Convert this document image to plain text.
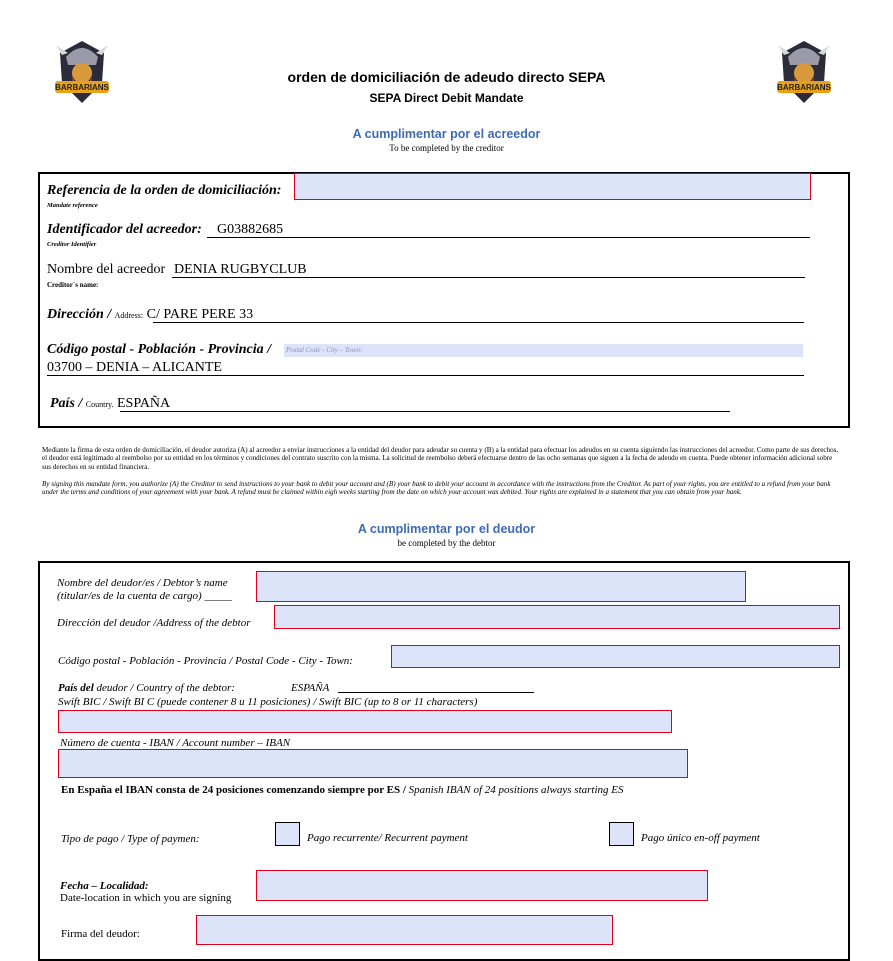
BARBARIANS	BARBARIANS
orden de domiciliación de adeudo directo SEPA
SEPA Direct Debit Mandate
A cumplimentar por el acreedor
To be completed by the creditor
Referencia de la orden de domiciliación:
Mandate reference
Identificador del acreedor: G03882685
Creditor Identifier
Nombre del acreedor DENIA RUGBYCLUB
Creditor´s name:
Dirección / Address: C/ PARE PERE 33
Código postal - Población - Provincia / Postal Code - City – Town:
03700 – DENIA – ALICANTE
País / Country. ESPAÑA
Mediante la firma de esta orden de domiciliación, el deudor autoriza (A) al acreedor a enviar instrucciones a la entidad del deudor para adeudar su cuenta y (B) a la entidad para efectuar los adeudos en su cuenta siguiendo las instrucciones del acreedor. Como parte de sus derechos, el deudor está legitimado al reembolso por su entidad en los términos y condiciones del contrato suscrito con la misma. La solicitud de reembolso deberá efectuarse dentro de las ocho semanas que siguen a la fecha de adeudo en cuenta. Puede obtener información adicional sobre sus derechos en su entidad financiera.
By signing this mandate form, you authorize (A) the Creditor to send instructions to your bank to debit your account and (B) your bank to debit your account in accordance with the instructions from the Creditor. As part of your rights, you are entitled to a refund from your bank under the terms and conditions of your agreement with your bank. A refund must be claimed within eigh weeks starting from the date on which your account was debited. Your rights are explained in a statement that you can obtain from your bank.
A cumplimentar por el deudor
be completed by the debtor
Nombre del deudor/es / Debtor’s name
(titular/es de la cuenta de cargo) _____
Dirección del deudor /Address of the debtor
Código postal - Población - Provincia / Postal Code - City - Town:
País del deudor / Country of the debtor:	ESPAÑA
Swift BIC / Swift BI C (puede contener 8 u 11 posiciones) / Swift BIC (up to 8 or 11 characters)
Número de cuenta - IBAN / Account number – IBAN
En España el IBAN consta de 24 posiciones comenzando siempre por ES / Spanish IBAN of 24 positions always starting ES
Tipo de pago / Type of paymen:	Pago recurrente/ Recurrent payment	Pago único en-off payment
Fecha – Localidad:
Date-location in which you are signing
Firma del deudor:
